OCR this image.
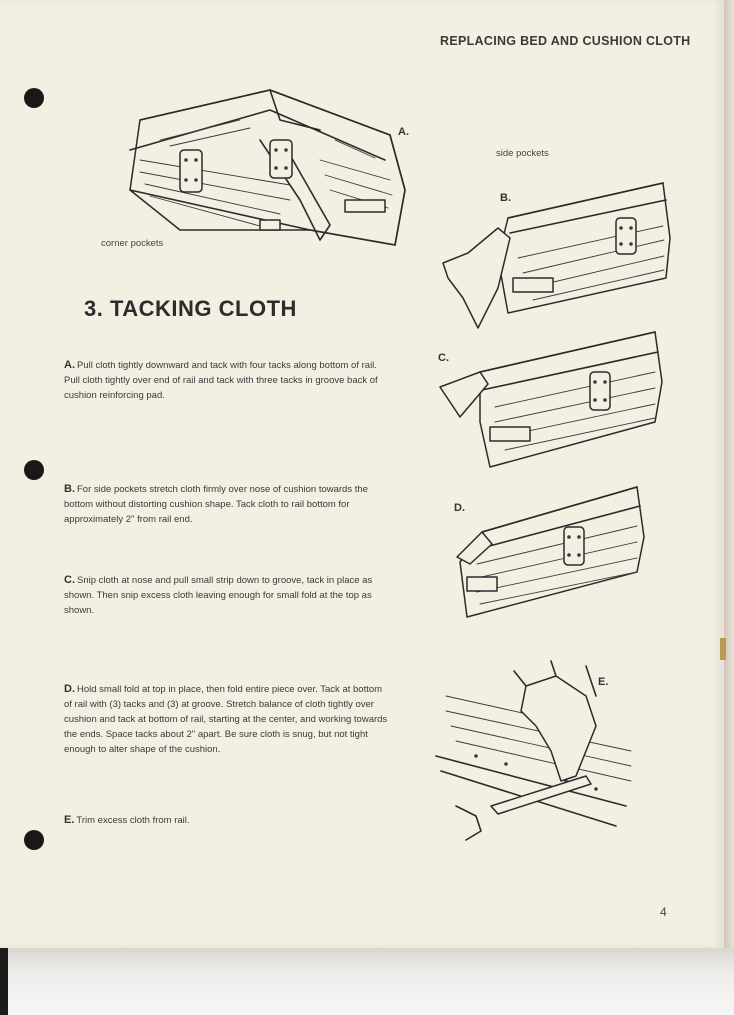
REPLACING BED AND CUSHION CLOTH
A.
corner pockets
side pockets
B.
C.
D.
E.
3. TACKING CLOTH
A. Pull cloth tightly downward and tack with four tacks along bottom of rail. Pull cloth tightly over end of rail and tack with three tacks in groove back of cushion reinforcing pad.
B. For side pockets stretch cloth firmly over nose of cushion towards the bottom without distorting cushion shape. Tack cloth to rail bottom for approximately 2" from rail end.
C. Snip cloth at nose and pull small strip down to groove, tack in place as shown. Then snip excess cloth leaving enough for small fold at the top as shown.
D. Hold small fold at top in place, then fold entire piece over. Tack at bottom of rail with (3) tacks and (3) at groove. Stretch balance of cloth tightly over cushion and tack at bottom of rail, starting at the center, and working towards the ends. Space tacks about 2" apart. Be sure cloth is snug, but not tight enough to alter shape of the cushion.
E. Trim excess cloth from rail.
4
